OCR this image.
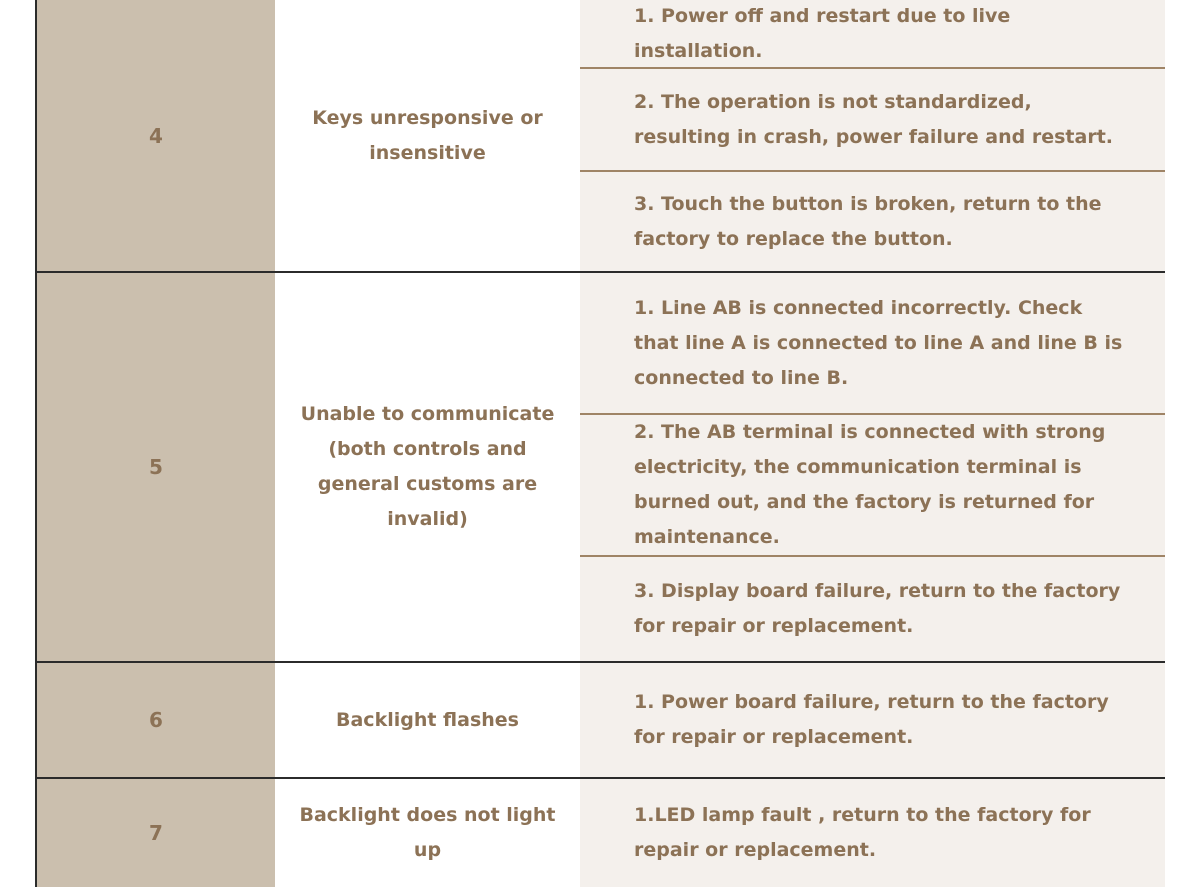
4
Keys unresponsive or insensitive
1. Power off and restart due to live installation.
2. The operation is not standardized, resulting in crash, power failure and restart.
3. Touch the button is broken, return to the factory to replace the button.
5
Unable to communicate (both controls and general customs are invalid)
1. Line AB is connected incorrectly. Check that line A is connected to line A and line B is connected to line B.
2. The AB terminal is connected with strong electricity, the communication terminal is burned out, and the factory is returned for maintenance.
3. Display board failure, return to the factory for repair or replacement.
6	Backlight flashes
1. Power board failure, return to the factory for repair or replacement.
7
Backlight does not light up
1.LED lamp fault , return to the factory for repair or replacement.
